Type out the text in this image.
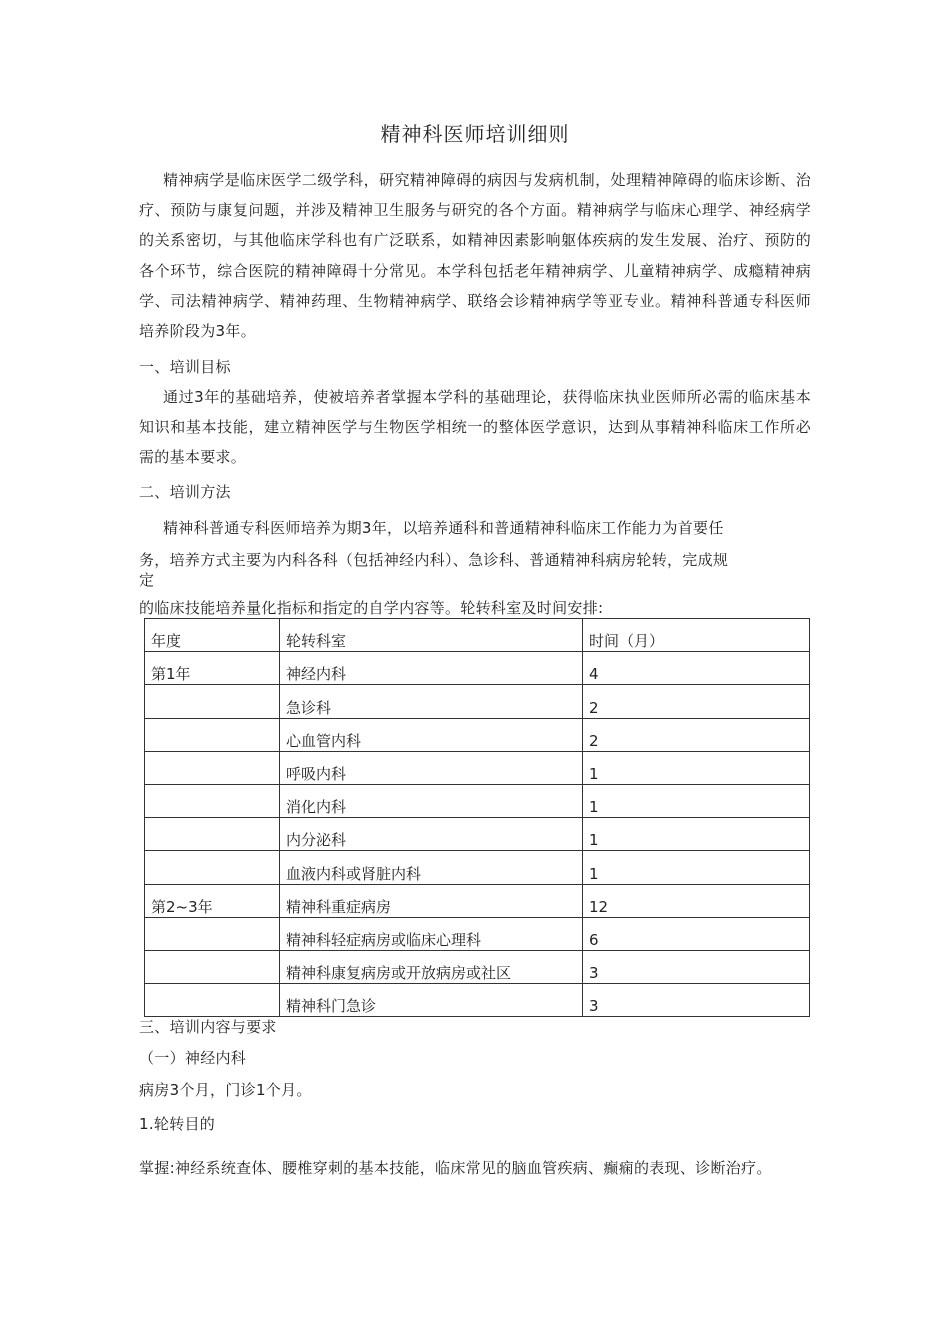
精神科医师培训细则

精神病学是临床医学二级学科，研究精神障碍的病因与发病机制，处理精神障碍的临床诊断、治疗、预防与康复问题，并涉及精神卫生服务与研究的各个方面。精神病学与临床心理学、神经病学的关系密切，与其他临床学科也有广泛联系，如精神因素影响躯体疾病的发生发展、治疗、预防的各个环节，综合医院的精神障碍十分常见。本学科包括老年精神病学、儿童精神病学、成瘾精神病学、司法精神病学、精神药理、生物精神病学、联络会诊精神病学等亚专业。精神科普通专科医师培养阶段为3年。

一、培训目标

通过3年的基础培养，使被培养者掌握本学科的基础理论，获得临床执业医师所必需的临床基本知识和基本技能，建立精神医学与生物医学相统一的整体医学意识，达到从事精神科临床工作所必需的基本要求。

二、培训方法
精神科普通专科医师培养为期3年，以培养通科和普通精神科临床工作能力为首要任
务，培养方式主要为内科各科（包括神经内科）、急诊科、普通精神科病房轮转，完成规
定
的临床技能培养量化指标和指定的自学内容等。轮转科室及时间安排:
年度	轮转科室	时间（月）
第1年	神经内科	4
	急诊科	2
	心血管内科	2
	呼吸内科	1
	消化内科	1
	内分泌科	1
	血液内科或肾脏内科	1
第2~3年	精神科重症病房	12
	精神科轻症病房或临床心理科	6
	精神科康复病房或开放病房或社区	3
	精神科门急诊	3
三、培训内容与要求
（一）神经内科
病房3个月，门诊1个月。
1.轮转目的

掌握:神经系统查体、腰椎穿刺的基本技能，临床常见的脑血管疾病、癫痫的表现、诊断治疗。
